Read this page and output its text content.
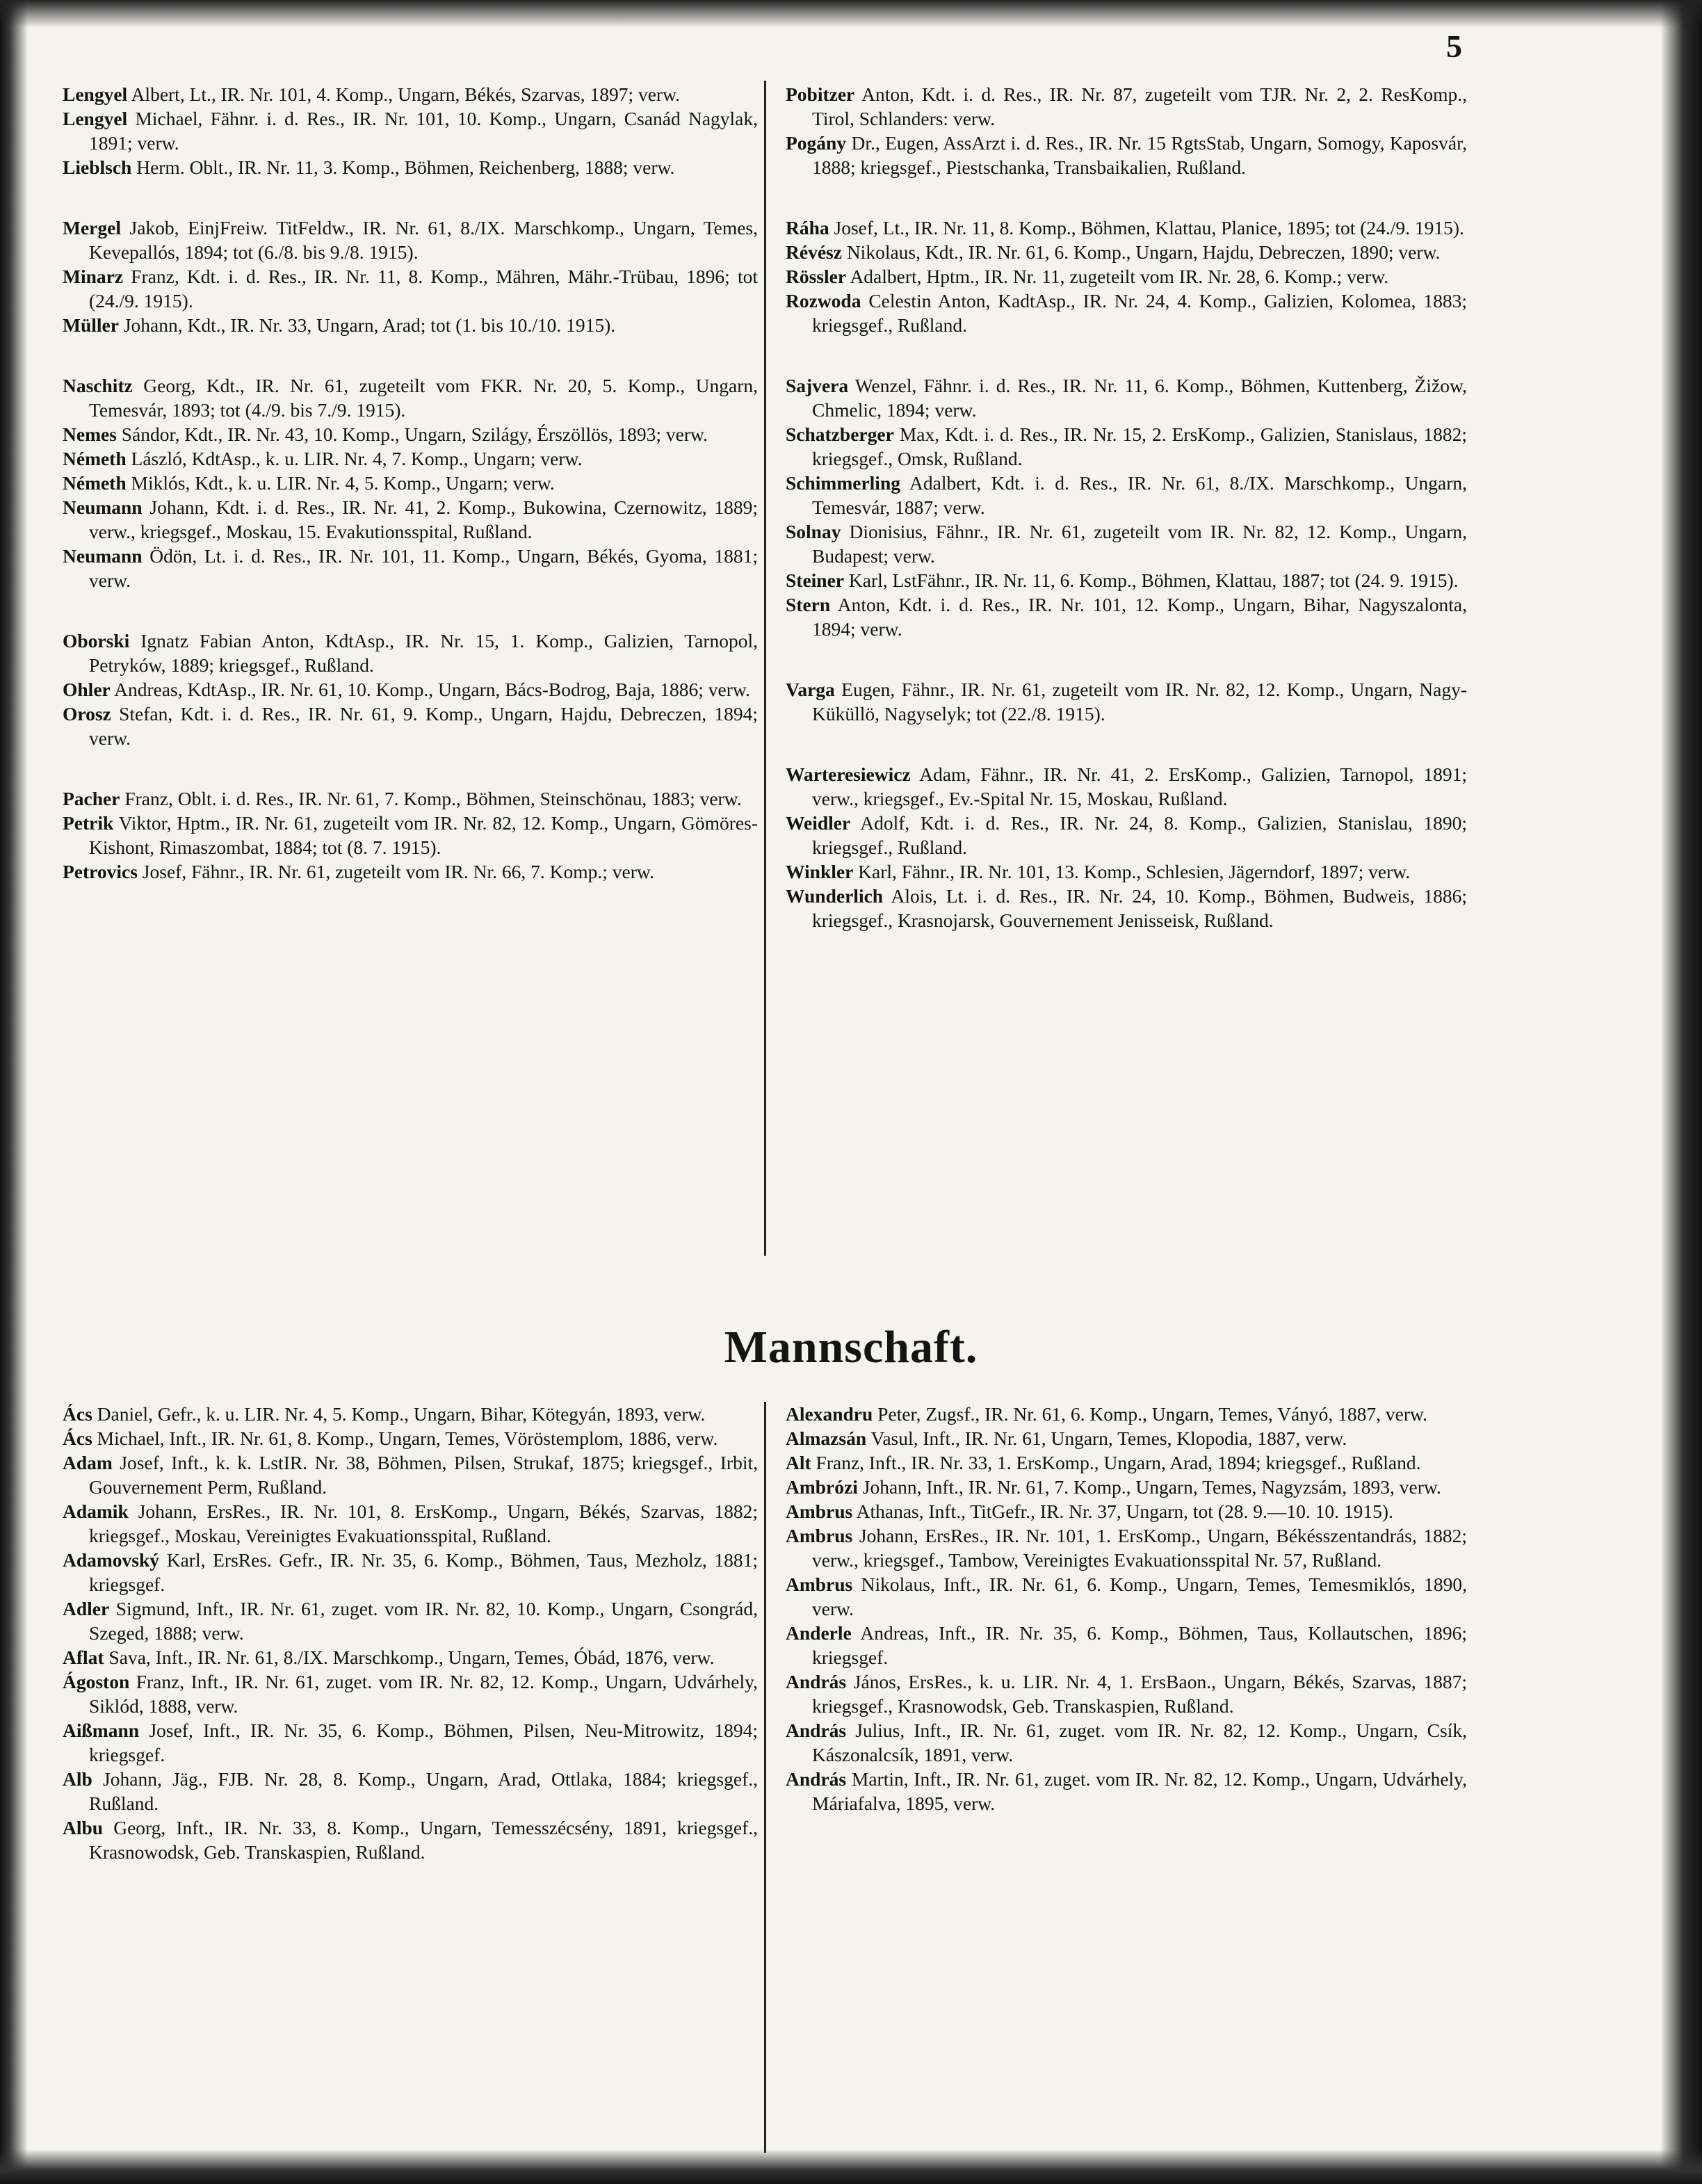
5

Lengyel Albert, Lt., IR. Nr. 101, 4. Komp., Ungarn, Békés, Szarvas, 1897; verw.

Lengyel Michael, Fähnr. i. d. Res., IR. Nr. 101, 10. Komp., Ungarn, Csanád Nagylak, 1891; verw.

Lieblsch Herm. Oblt., IR. Nr. 11, 3. Komp., Böhmen, Reichenberg, 1888; verw.

Mergel Jakob, EinjFreiw. TitFeldw., IR. Nr. 61, 8./IX. Marschkomp., Ungarn, Temes, Kevepallós, 1894; tot (6./8. bis 9./8. 1915).

Minarz Franz, Kdt. i. d. Res., IR. Nr. 11, 8. Komp., Mähren, Mähr.-Trübau, 1896; tot (24./9. 1915).

Müller Johann, Kdt., IR. Nr. 33, Ungarn, Arad; tot (1. bis 10./10. 1915).

Naschitz Georg, Kdt., IR. Nr. 61, zugeteilt vom FKR. Nr. 20, 5. Komp., Ungarn, Temesvár, 1893; tot (4./9. bis 7./9. 1915).

Nemes Sándor, Kdt., IR. Nr. 43, 10. Komp., Ungarn, Szilágy, Érszöllös, 1893; verw.

Németh László, KdtAsp., k. u. LIR. Nr. 4, 7. Komp., Ungarn; verw.

Németh Miklós, Kdt., k. u. LIR. Nr. 4, 5. Komp., Ungarn; verw.

Neumann Johann, Kdt. i. d. Res., IR. Nr. 41, 2. Komp., Bukowina, Czernowitz, 1889; verw., kriegsgef., Moskau, 15. Evakutionsspital, Rußland.

Neumann Ödön, Lt. i. d. Res., IR. Nr. 101, 11. Komp., Ungarn, Békés, Gyoma, 1881; verw.

Oborski Ignatz Fabian Anton, KdtAsp., IR. Nr. 15, 1. Komp., Galizien, Tarnopol, Petryków, 1889; kriegsgef., Rußland.

Ohler Andreas, KdtAsp., IR. Nr. 61, 10. Komp., Ungarn, Bács-Bodrog, Baja, 1886; verw.

Orosz Stefan, Kdt. i. d. Res., IR. Nr. 61, 9. Komp., Ungarn, Hajdu, Debreczen, 1894; verw.

Pacher Franz, Oblt. i. d. Res., IR. Nr. 61, 7. Komp., Böhmen, Steinschönau, 1883; verw.

Petrik Viktor, Hptm., IR. Nr. 61, zugeteilt vom IR. Nr. 82, 12. Komp., Ungarn, Gömöres-Kishont, Rimaszombat, 1884; tot (8. 7. 1915).

Petrovics Josef, Fähnr., IR. Nr. 61, zugeteilt vom IR. Nr. 66, 7. Komp.; verw.

Pobitzer Anton, Kdt. i. d. Res., IR. Nr. 87, zugeteilt vom TJR. Nr. 2, 2. ResKomp., Tirol, Schlanders: verw.

Pogány Dr., Eugen, AssArzt i. d. Res., IR. Nr. 15 RgtsStab, Ungarn, Somogy, Kaposvár, 1888; kriegsgef., Piestschanka, Transbaikalien, Rußland.

Ráha Josef, Lt., IR. Nr. 11, 8. Komp., Böhmen, Klattau, Planice, 1895; tot (24./9. 1915).

Révész Nikolaus, Kdt., IR. Nr. 61, 6. Komp., Ungarn, Hajdu, Debreczen, 1890; verw.

Rössler Adalbert, Hptm., IR. Nr. 11, zugeteilt vom IR. Nr. 28, 6. Komp.; verw.

Rozwoda Celestin Anton, KadtAsp., IR. Nr. 24, 4. Komp., Galizien, Kolomea, 1883; kriegsgef., Rußland.

Sajvera Wenzel, Fähnr. i. d. Res., IR. Nr. 11, 6. Komp., Böhmen, Kuttenberg, Žižow, Chmelic, 1894; verw.

Schatzberger Max, Kdt. i. d. Res., IR. Nr. 15, 2. ErsKomp., Galizien, Stanislaus, 1882; kriegsgef., Omsk, Rußland.

Schimmerling Adalbert, Kdt. i. d. Res., IR. Nr. 61, 8./IX. Marschkomp., Ungarn, Temesvár, 1887; verw.

Solnay Dionisius, Fähnr., IR. Nr. 61, zugeteilt vom IR. Nr. 82, 12. Komp., Ungarn, Budapest; verw.

Steiner Karl, LstFähnr., IR. Nr. 11, 6. Komp., Böhmen, Klattau, 1887; tot (24. 9. 1915).

Stern Anton, Kdt. i. d. Res., IR. Nr. 101, 12. Komp., Ungarn, Bihar, Nagyszalonta, 1894; verw.

Varga Eugen, Fähnr., IR. Nr. 61, zugeteilt vom IR. Nr. 82, 12. Komp., Ungarn, Nagy-Küküllö, Nagyselyk; tot (22./8. 1915).

Warteresiewicz Adam, Fähnr., IR. Nr. 41, 2. ErsKomp., Galizien, Tarnopol, 1891; verw., kriegsgef., Ev.-Spital Nr. 15, Moskau, Rußland.

Weidler Adolf, Kdt. i. d. Res., IR. Nr. 24, 8. Komp., Galizien, Stanislau, 1890; kriegsgef., Rußland.

Winkler Karl, Fähnr., IR. Nr. 101, 13. Komp., Schlesien, Jägerndorf, 1897; verw.

Wunderlich Alois, Lt. i. d. Res., IR. Nr. 24, 10. Komp., Böhmen, Budweis, 1886; kriegsgef., Krasnojarsk, Gouvernement Jenisseisk, Rußland.

Mannschaft.

Ács Daniel, Gefr., k. u. LIR. Nr. 4, 5. Komp., Ungarn, Bihar, Kötegyán, 1893, verw.

Ács Michael, Inft., IR. Nr. 61, 8. Komp., Ungarn, Temes, Vöröstemplom, 1886, verw.

Adam Josef, Inft., k. k. LstIR. Nr. 38, Böhmen, Pilsen, Strukaf, 1875; kriegsgef., Irbit, Gouvernement Perm, Rußland.

Adamik Johann, ErsRes., IR. Nr. 101, 8. ErsKomp., Ungarn, Békés, Szarvas, 1882; kriegsgef., Moskau, Vereinigtes Evakuationsspital, Rußland.

Adamovský Karl, ErsRes. Gefr., IR. Nr. 35, 6. Komp., Böhmen, Taus, Mezholz, 1881; kriegsgef.

Adler Sigmund, Inft., IR. Nr. 61, zuget. vom IR. Nr. 82, 10. Komp., Ungarn, Csongrád, Szeged, 1888; verw.

Aflat Sava, Inft., IR. Nr. 61, 8./IX. Marschkomp., Ungarn, Temes, Óbád, 1876, verw.

Ágoston Franz, Inft., IR. Nr. 61, zuget. vom IR. Nr. 82, 12. Komp., Ungarn, Udvárhely, Siklód, 1888, verw.

Aißmann Josef, Inft., IR. Nr. 35, 6. Komp., Böhmen, Pilsen, Neu-Mitrowitz, 1894; kriegsgef.

Alb Johann, Jäg., FJB. Nr. 28, 8. Komp., Ungarn, Arad, Ottlaka, 1884; kriegsgef., Rußland.

Albu Georg, Inft., IR. Nr. 33, 8. Komp., Ungarn, Temesszécsény, 1891, kriegsgef., Krasnowodsk, Geb. Transkaspien, Rußland.

Alexandru Peter, Zugsf., IR. Nr. 61, 6. Komp., Ungarn, Temes, Ványó, 1887, verw.

Almazsán Vasul, Inft., IR. Nr. 61, Ungarn, Temes, Klopodia, 1887, verw.

Alt Franz, Inft., IR. Nr. 33, 1. ErsKomp., Ungarn, Arad, 1894; kriegsgef., Rußland.

Ambrózi Johann, Inft., IR. Nr. 61, 7. Komp., Ungarn, Temes, Nagyzsám, 1893, verw.

Ambrus Athanas, Inft., TitGefr., IR. Nr. 37, Ungarn, tot (28. 9.—10. 10. 1915).

Ambrus Johann, ErsRes., IR. Nr. 101, 1. ErsKomp., Ungarn, Békésszentandrás, 1882; verw., kriegsgef., Tambow, Vereinigtes Evakuationsspital Nr. 57, Rußland.

Ambrus Nikolaus, Inft., IR. Nr. 61, 6. Komp., Ungarn, Temes, Temesmiklós, 1890, verw.

Anderle Andreas, Inft., IR. Nr. 35, 6. Komp., Böhmen, Taus, Kollautschen, 1896; kriegsgef.

András János, ErsRes., k. u. LIR. Nr. 4, 1. ErsBaon., Ungarn, Békés, Szarvas, 1887; kriegsgef., Krasnowodsk, Geb. Transkaspien, Rußland.

András Julius, Inft., IR. Nr. 61, zuget. vom IR. Nr. 82, 12. Komp., Ungarn, Csík, Kászonalcsík, 1891, verw.

András Martin, Inft., IR. Nr. 61, zuget. vom IR. Nr. 82, 12. Komp., Ungarn, Udvárhely, Máriafalva, 1895, verw.
